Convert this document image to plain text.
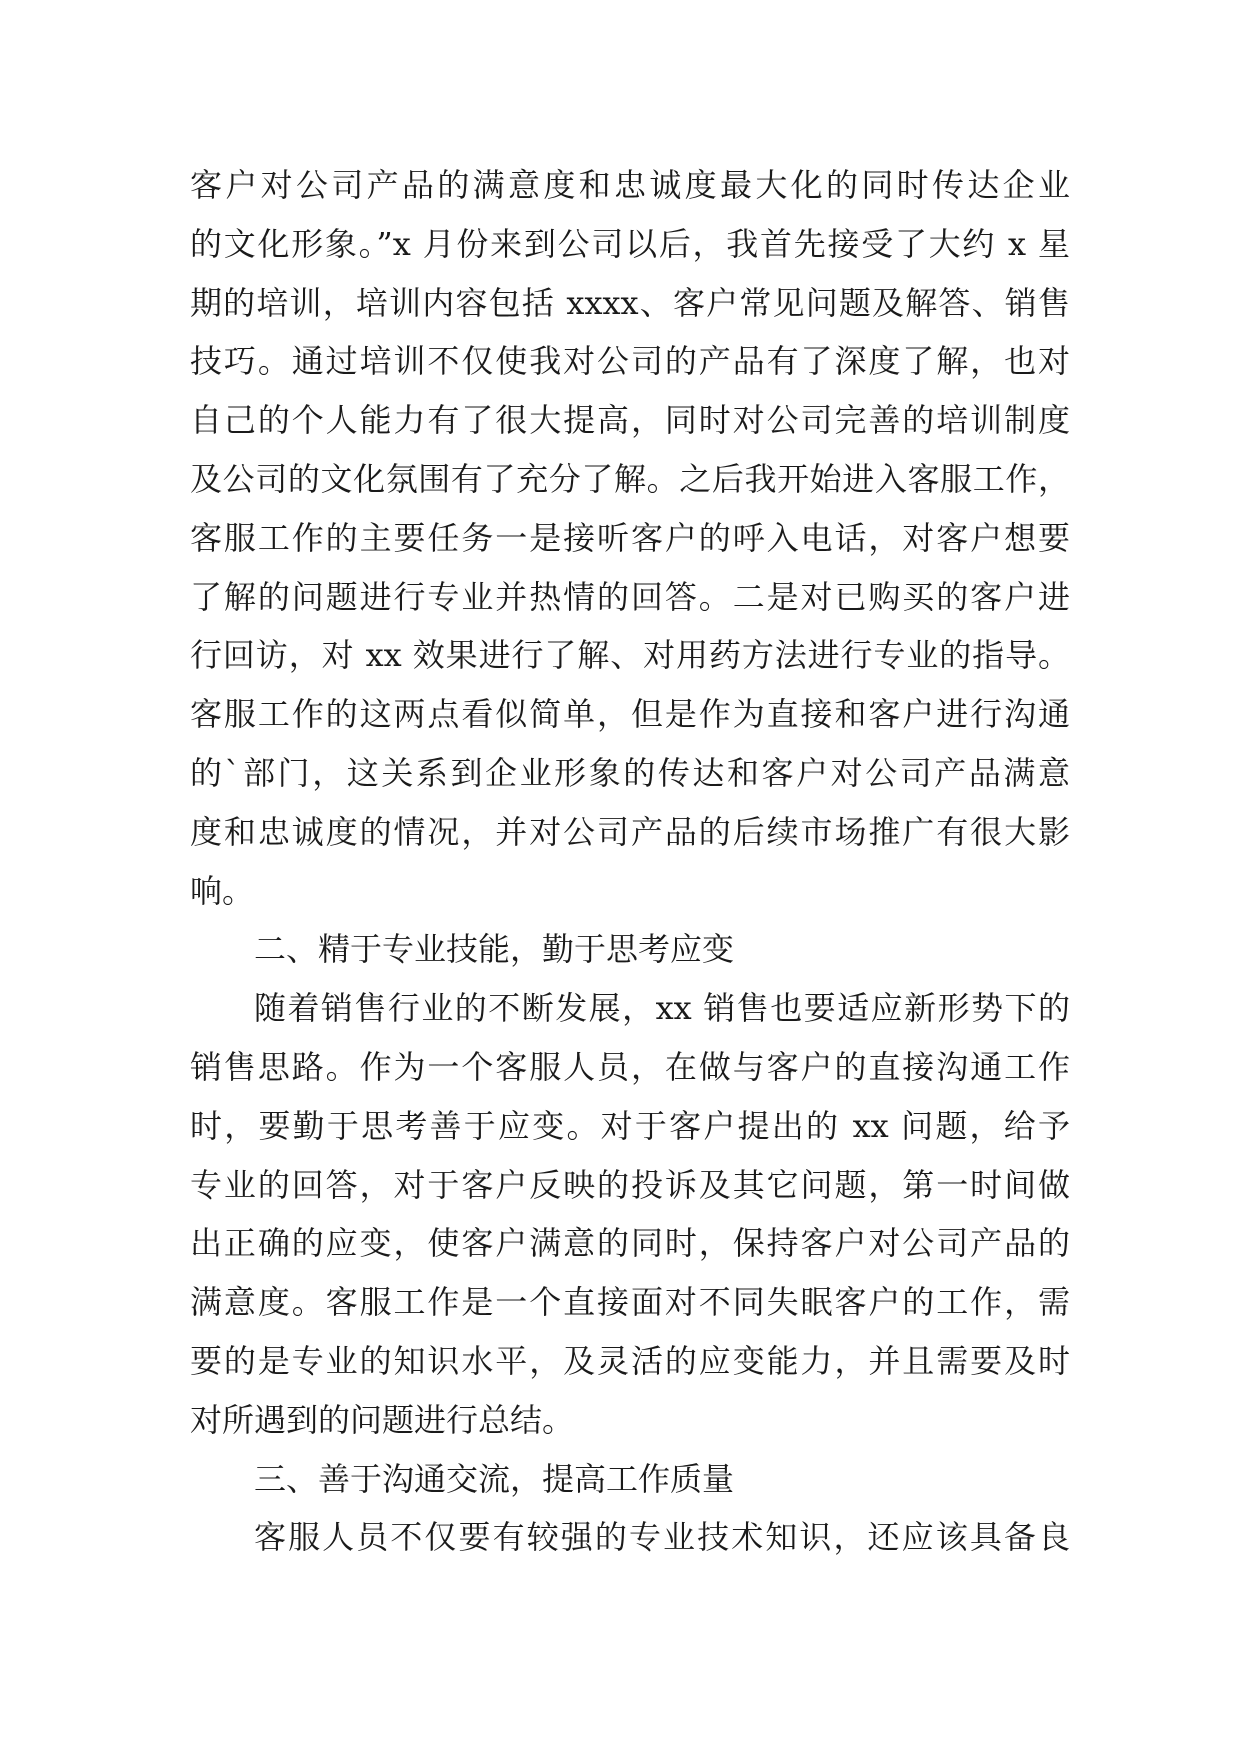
客户对公司产品的满意度和忠诚度最大化的同时传达企业
的文化形象。”x 月份来到公司以后，我首先接受了大约 x 星
期的培训，培训内容包括 xxxx、客户常见问题及解答、销售
技巧。通过培训不仅使我对公司的产品有了深度了解，也对
自己的个人能力有了很大提高，同时对公司完善的培训制度
及公司的文化氛围有了充分了解。之后我开始进入客服工作，
客服工作的主要任务一是接听客户的呼入电话，对客户想要
了解的问题进行专业并热情的回答。二是对已购买的客户进
行回访，对 xx 效果进行了解、对用药方法进行专业的指导。
客服工作的这两点看似简单，但是作为直接和客户进行沟通
的`部门，这关系到企业形象的传达和客户对公司产品满意
度和忠诚度的情况，并对公司产品的后续市场推广有很大影
响。
二、精于专业技能，勤于思考应变
随着销售行业的不断发展，xx 销售也要适应新形势下的
销售思路。作为一个客服人员，在做与客户的直接沟通工作
时，要勤于思考善于应变。对于客户提出的 xx 问题，给予
专业的回答，对于客户反映的投诉及其它问题，第一时间做
出正确的应变，使客户满意的同时，保持客户对公司产品的
满意度。客服工作是一个直接面对不同失眠客户的工作，需
要的是专业的知识水平，及灵活的应变能力，并且需要及时
对所遇到的问题进行总结。
三、善于沟通交流，提高工作质量
客服人员不仅要有较强的专业技术知识，还应该具备良
